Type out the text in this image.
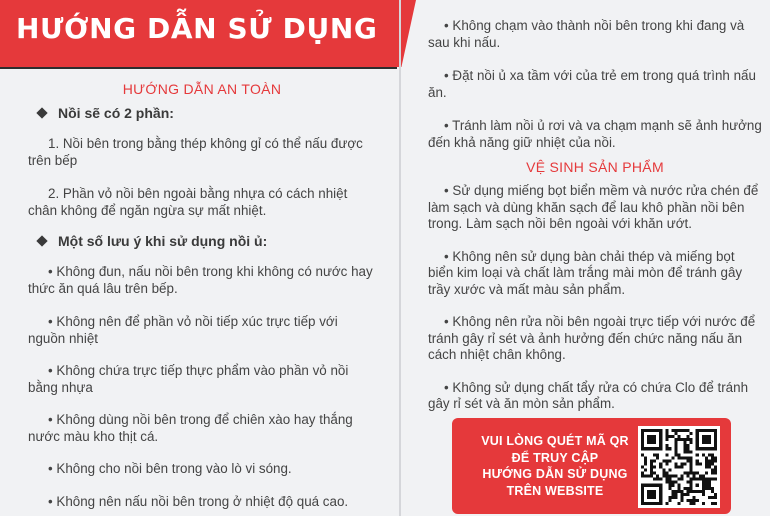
HƯỚNG DẪN SỬ DỤNG
HƯỚNG DẪN AN TOÀN
Nồi sẽ có 2 phần:
1. Nồi bên trong bằng thép không gỉ có thể nấu được trên bếp
2. Phần vỏ nồi bên ngoài bằng nhựa có cách nhiệt chân không để ngăn ngừa sự mất nhiệt.
Một số lưu ý khi sử dụng nồi ủ:
• Không đun, nấu nồi bên trong khi không có nước hay thức ăn quá lâu trên bếp.
• Không nên để phần vỏ nồi tiếp xúc trực tiếp với nguồn nhiệt
• Không chứa trực tiếp thực phẩm vào phần vỏ nồi bằng nhựa
• Không dùng nồi bên trong để chiên xào hay thắng nước màu kho thịt cá.
• Không cho nồi bên trong vào lò vi sóng.
• Không nên nấu nồi bên trong ở nhiệt độ quá cao.
• Không chạm vào thành nồi bên trong khi đang và sau khi nấu.
• Đặt nồi ủ xa tầm với của trẻ em trong quá trình nấu ăn.
• Tránh làm nồi ủ rơi và va chạm mạnh sẽ ảnh hưởng đến khả năng giữ nhiệt của nồi.
VỆ SINH SẢN PHẨM
• Sử dụng miếng bọt biển mềm và nước rửa chén để làm sạch và dùng khăn sạch để lau khô phần nồi bên trong. Làm sạch nồi bên ngoài với khăn ướt.
• Không nên sử dụng bàn chải thép và miếng bọt biển kim loại và chất làm trắng mài mòn để tránh gây trầy xước và mất màu sản phẩm.
• Không nên rửa nồi bên ngoài trực tiếp với nước để tránh gây rỉ sét và ảnh hưởng đến chức năng nấu ăn cách nhiệt chân không.
• Không sử dụng chất tẩy rửa có chứa Clo để tránh gây rỉ sét và ăn mòn sản phẩm.
VUI LÒNG QUÉT MÃ QR
ĐỂ TRUY CẬP
HƯỚNG DẪN SỬ DỤNG
TRÊN WEBSITE
